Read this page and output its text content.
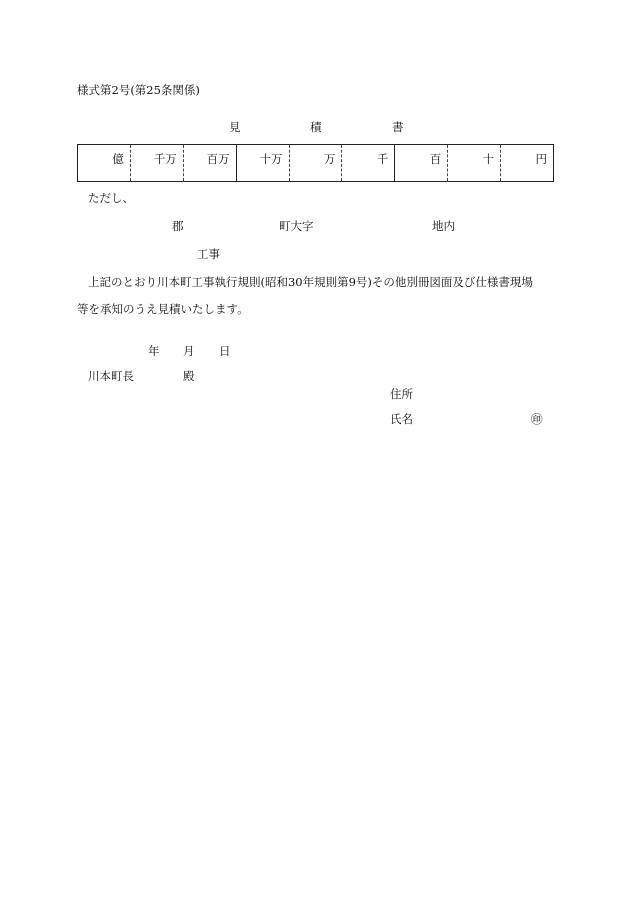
様式第2号(第25条関係)
見	積	書
億	千万	百万	十万	万	千	百	十	円
ただし、
郡	町大字	地内
工事
上記のとおり川本町工事執行規則(昭和30年規則第9号)その他別冊図面及び仕様書現場
等を承知のうえ見積いたします。
年 月 日
川本町長	殿
住所
氏名	㊞
